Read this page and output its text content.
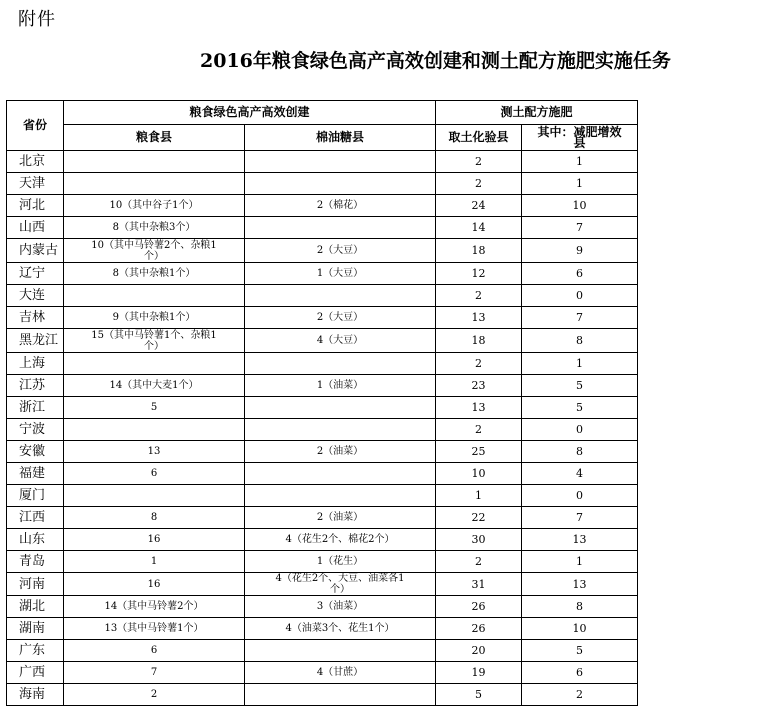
附件
2016年粮食绿色高产高效创建和测土配方施肥实施任务
省份	粮食绿色高产高效创建		测土配方施肥	
	粮食县	棉油糖县	取土化验县	其中：减肥增效县
北京			2	1
天津			2	1
河北	10（其中谷子1个）	2（棉花）	24	10
山西	8（其中杂粮3个）		14	7
内蒙古	10（其中马铃薯2个、杂粮1个）	2（大豆）	18	9
辽宁	8（其中杂粮1个）	1（大豆）	12	6
大连			2	0
吉林	9（其中杂粮1个）	2（大豆）	13	7
黑龙江	15（其中马铃薯1个、杂粮1个）	4（大豆）	18	8
上海			2	1
江苏	14（其中大麦1个）	1（油菜）	23	5
浙江	5		13	5
宁波			2	0
安徽	13	2（油菜）	25	8
福建	6		10	4
厦门			1	0
江西	8	2（油菜）	22	7
山东	16	4（花生2个、棉花2个）	30	13
青岛	1	1（花生）	2	1
河南	16	4（花生2个、大豆、油菜各1个）	31	13
湖北	14（其中马铃薯2个）	3（油菜）	26	8
湖南	13（其中马铃薯1个）	4（油菜3个、花生1个）	26	10
广东	6		20	5
广西	7	4（甘蔗）	19	6
海南	2		5	2
